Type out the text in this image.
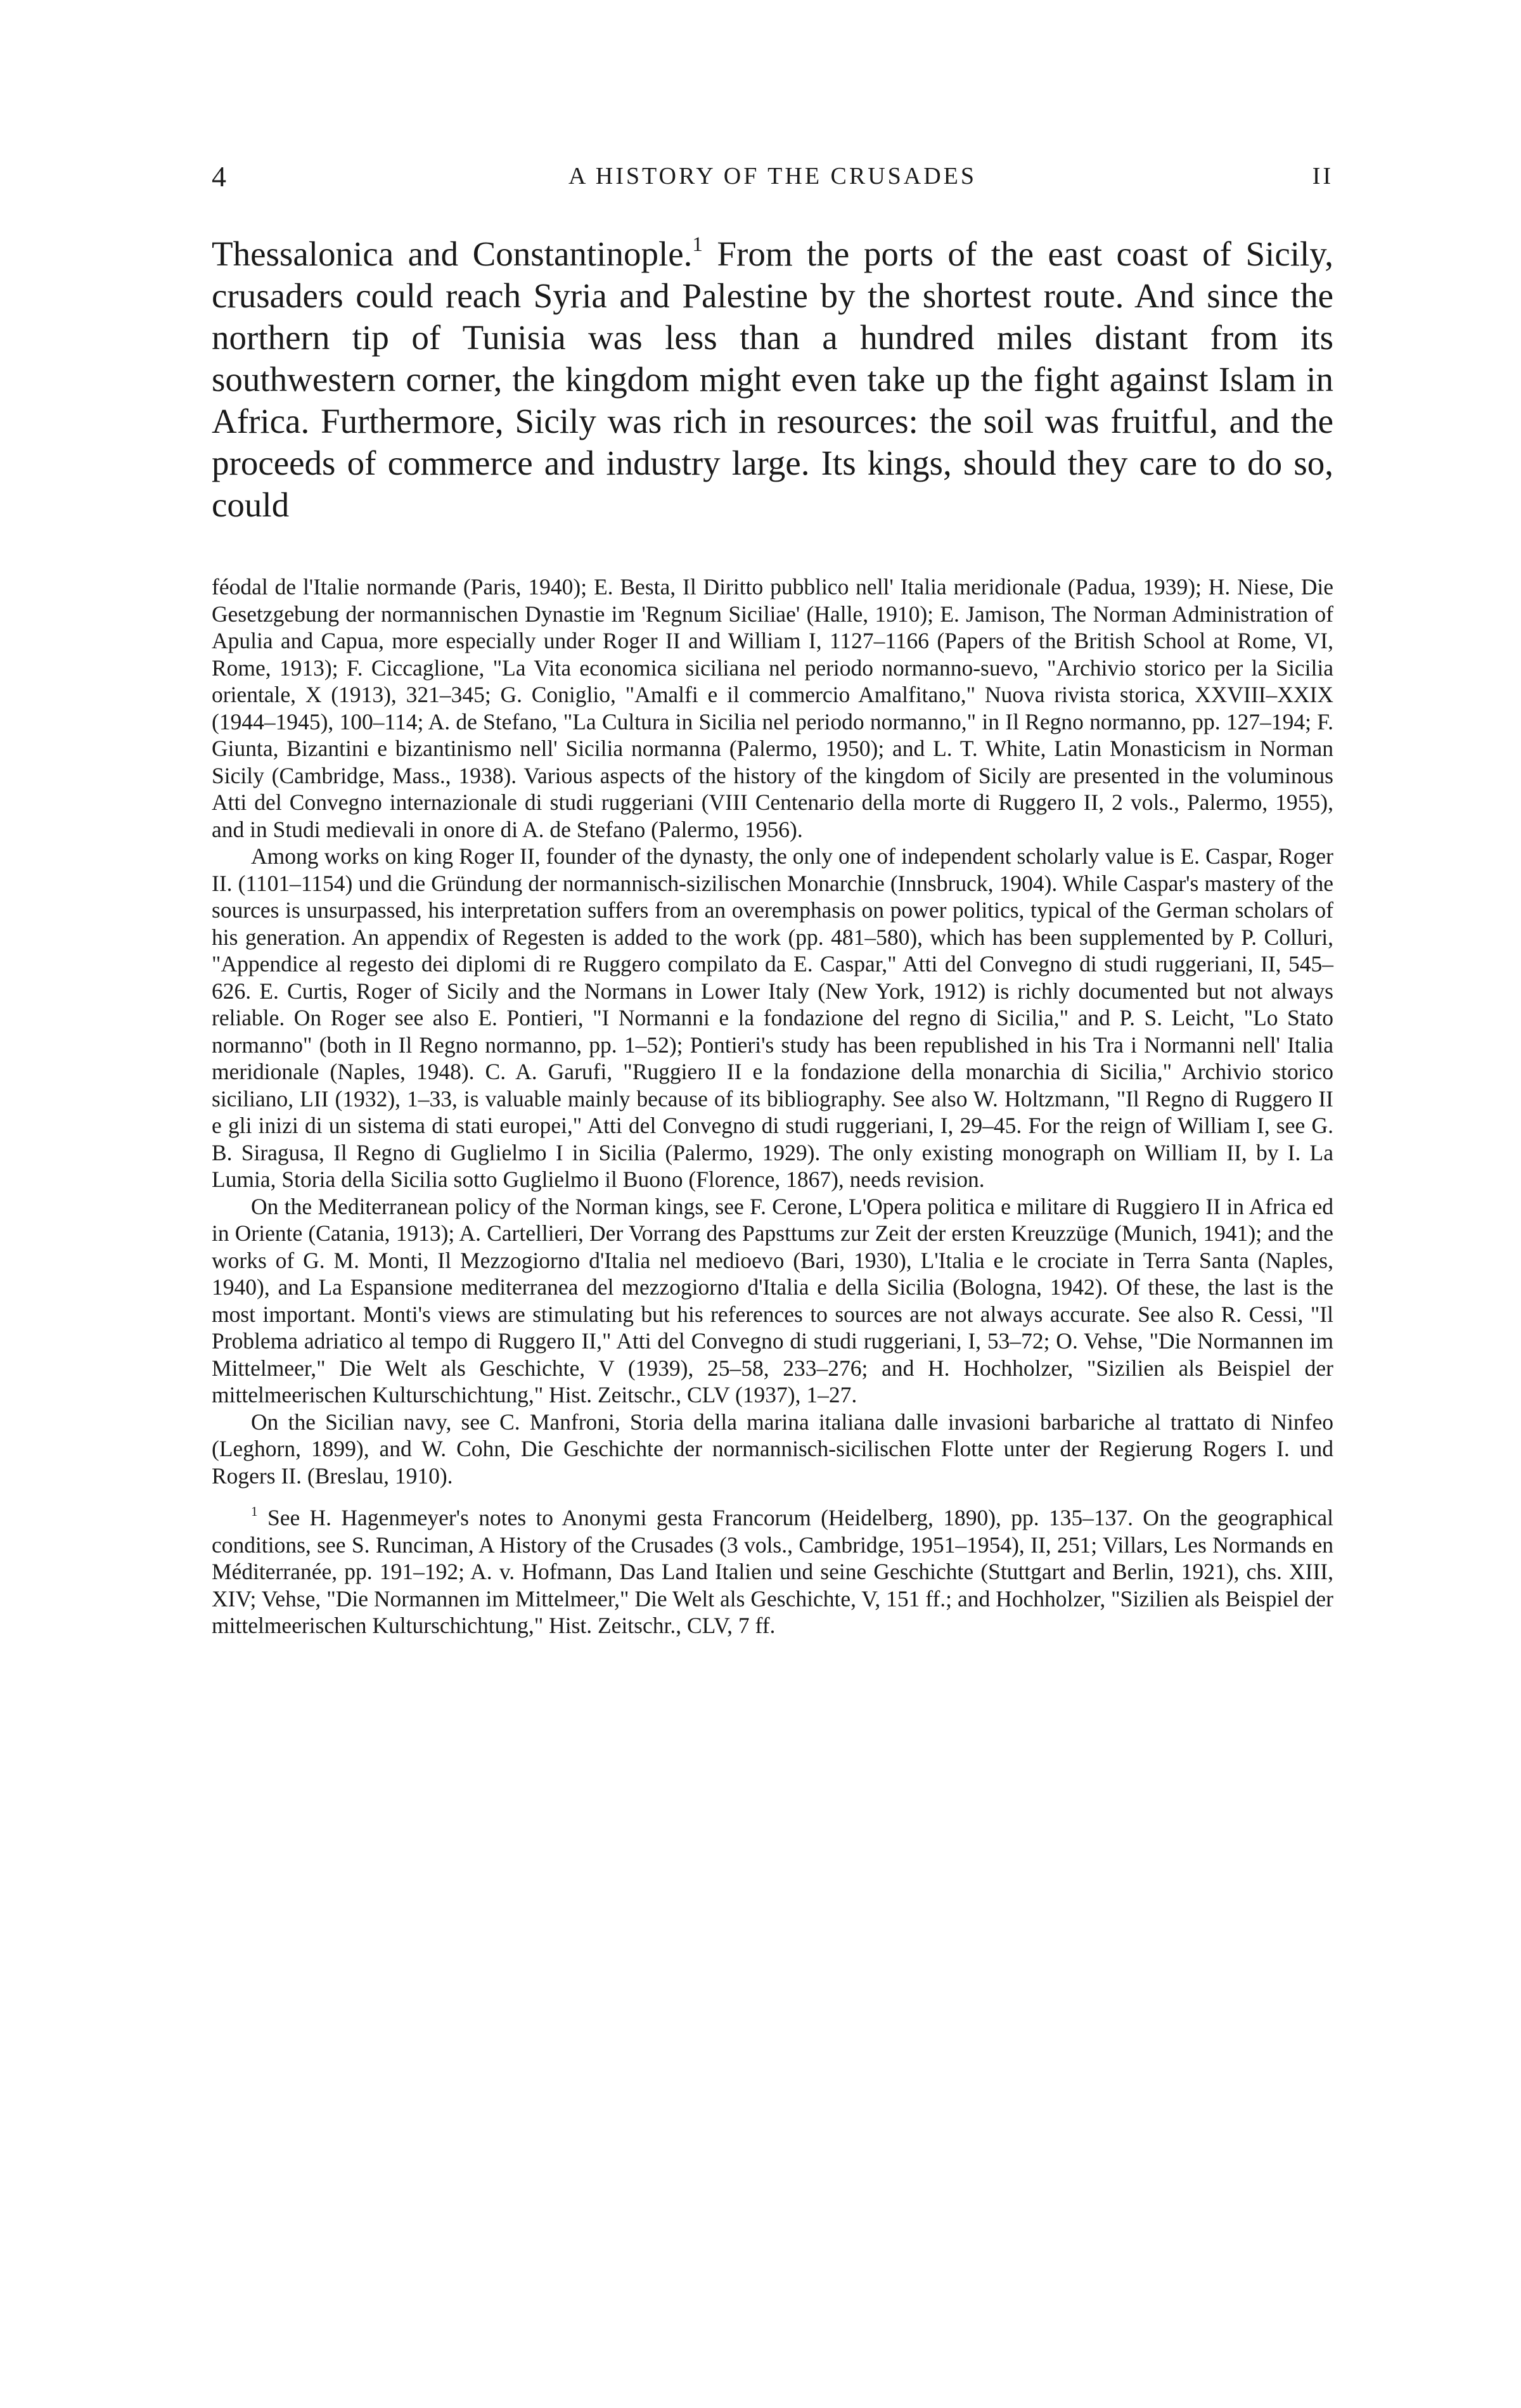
4	A HISTORY OF THE CRUSADES	II

Thessalonica and Constantinople.$^1$ From the ports of the east coast of Sicily, crusaders could reach Syria and Palestine by the shortest route. And since the northern tip of Tunisia was less than a hundred miles distant from its southwestern corner, the kingdom might even take up the fight against Islam in Africa. Furthermore, Sicily was rich in resources: the soil was fruitful, and the proceeds of commerce and industry large. Its kings, should they care to do so, could

féodal de l'Italie normande (Paris, 1940); E. Besta, Il Diritto pubblico nell' Italia meridionale (Padua, 1939); H. Niese, Die Gesetzgebung der normannischen Dynastie im 'Regnum Siciliae' (Halle, 1910); E. Jamison, The Norman Administration of Apulia and Capua, more especially under Roger II and William I, 1127–1166 (Papers of the British School at Rome, VI, Rome, 1913); F. Ciccaglione, "La Vita economica siciliana nel periodo normanno-suevo, "Archivio storico per la Sicilia orientale, X (1913), 321–345; G. Coniglio, "Amalfi e il commercio Amalfitano," Nuova rivista storica, XXVIII–XXIX (1944–1945), 100–114; A. de Stefano, "La Cultura in Sicilia nel periodo normanno," in Il Regno normanno, pp. 127–194; F. Giunta, Bizantini e bizantinismo nell' Sicilia normanna (Palermo, 1950); and L. T. White, Latin Monasticism in Norman Sicily (Cambridge, Mass., 1938). Various aspects of the history of the kingdom of Sicily are presented in the voluminous Atti del Convegno internazionale di studi ruggeriani (VIII Centenario della morte di Ruggero II, 2 vols., Palermo, 1955), and in Studi medievali in onore di A. de Stefano (Palermo, 1956).

Among works on king Roger II, founder of the dynasty, the only one of independent scholarly value is E. Caspar, Roger II. (1101–1154) und die Gründung der normannisch-sizilischen Monarchie (Innsbruck, 1904). While Caspar's mastery of the sources is unsurpassed, his interpretation suffers from an overemphasis on power politics, typical of the German scholars of his generation. An appendix of Regesten is added to the work (pp. 481–580), which has been supplemented by P. Colluri, "Appendice al regesto dei diplomi di re Ruggero compilato da E. Caspar," Atti del Convegno di studi ruggeriani, II, 545–626. E. Curtis, Roger of Sicily and the Normans in Lower Italy (New York, 1912) is richly documented but not always reliable. On Roger see also E. Pontieri, "I Normanni e la fondazione del regno di Sicilia," and P. S. Leicht, "Lo Stato normanno" (both in Il Regno normanno, pp. 1–52); Pontieri's study has been republished in his Tra i Normanni nell' Italia meridionale (Naples, 1948). C. A. Garufi, "Ruggiero II e la fondazione della monarchia di Sicilia," Archivio storico siciliano, LII (1932), 1–33, is valuable mainly because of its bibliography. See also W. Holtzmann, "Il Regno di Ruggero II e gli inizi di un sistema di stati europei," Atti del Convegno di studi ruggeriani, I, 29–45. For the reign of William I, see G. B. Siragusa, Il Regno di Guglielmo I in Sicilia (Palermo, 1929). The only existing monograph on William II, by I. La Lumia, Storia della Sicilia sotto Guglielmo il Buono (Florence, 1867), needs revision.

On the Mediterranean policy of the Norman kings, see F. Cerone, L'Opera politica e militare di Ruggiero II in Africa ed in Oriente (Catania, 1913); A. Cartellieri, Der Vorrang des Papsttums zur Zeit der ersten Kreuzzüge (Munich, 1941); and the works of G. M. Monti, Il Mezzogiorno d'Italia nel medioevo (Bari, 1930), L'Italia e le crociate in Terra Santa (Naples, 1940), and La Espansione mediterranea del mezzogiorno d'Italia e della Sicilia (Bologna, 1942). Of these, the last is the most important. Monti's views are stimulating but his references to sources are not always accurate. See also R. Cessi, "Il Problema adriatico al tempo di Ruggero II," Atti del Convegno di studi ruggeriani, I, 53–72; O. Vehse, "Die Normannen im Mittelmeer," Die Welt als Geschichte, V (1939), 25–58, 233–276; and H. Hochholzer, "Sizilien als Beispiel der mittelmeerischen Kulturschichtung," Hist. Zeitschr., CLV (1937), 1–27.

On the Sicilian navy, see C. Manfroni, Storia della marina italiana dalle invasioni barbariche al trattato di Ninfeo (Leghorn, 1899), and W. Cohn, Die Geschichte der normannisch-sicilischen Flotte unter der Regierung Rogers I. und Rogers II. (Breslau, 1910).

$^1$ See H. Hagenmeyer's notes to Anonymi gesta Francorum (Heidelberg, 1890), pp. 135–137. On the geographical conditions, see S. Runciman, A History of the Crusades (3 vols., Cambridge, 1951–1954), II, 251; Villars, Les Normands en Méditerranée, pp. 191–192; A. v. Hofmann, Das Land Italien und seine Geschichte (Stuttgart and Berlin, 1921), chs. XIII, XIV; Vehse, "Die Normannen im Mittelmeer," Die Welt als Geschichte, V, 151 ff.; and Hochholzer, "Sizilien als Beispiel der mittelmeerischen Kulturschichtung," Hist. Zeitschr., CLV, 7 ff.
